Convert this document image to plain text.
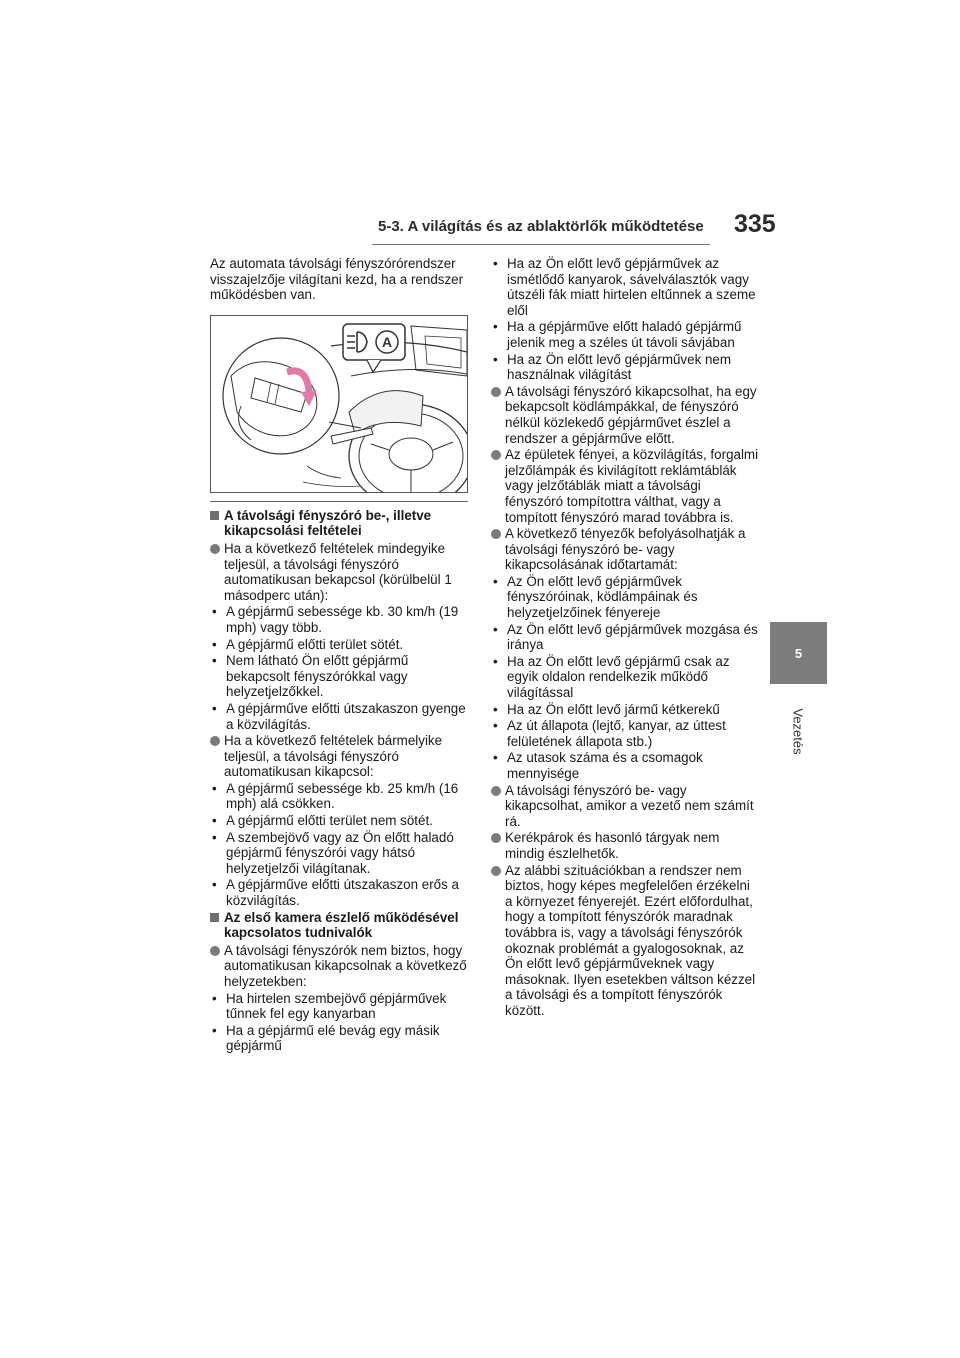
5-3. A világítás és az ablaktörlők működtetése 335
5
Vezetés

Az automata távolsági fényszórórendszer visszajelzője világítani kezd, ha a rendszer működésben van.

A
A távolsági fényszóró be-, illetve kikapcsolási feltételei
Ha a következő feltételek mindegyike teljesül, a távolsági fényszóró automatikusan bekapcsol (körülbelül 1 másodperc után):
• A gépjármű sebessége kb. 30 km/h (19 mph) vagy több.
• A gépjármű előtti terület sötét.
• Nem látható Ön előtt gépjármű bekapcsolt fényszórókkal vagy helyzetjelzőkkel.
• A gépjárműve előtti útszakaszon gyenge a közvilágítás.
Ha a következő feltételek bármelyike teljesül, a távolsági fényszóró automatikusan kikapcsol:
• A gépjármű sebessége kb. 25 km/h (16 mph) alá csökken.
• A gépjármű előtti terület nem sötét.
• A szembejövő vagy az Ön előtt haladó gépjármű fényszórói vagy hátsó helyzetjelzői világítanak.
• A gépjárműve előtti útszakaszon erős a közvilágítás.
Az első kamera észlelő működésével kapcsolatos tudnivalók
A távolsági fényszórók nem biztos, hogy automatikusan kikapcsolnak a következő helyzetekben:
• Ha hirtelen szembejövő gépjárművek tűnnek fel egy kanyarban
• Ha a gépjármű elé bevág egy másik gépjármű
• Ha az Ön előtt levő gépjárművek az ismétlődő kanyarok, sávelválasztók vagy útszéli fák miatt hirtelen eltűnnek a szeme elől
• Ha a gépjárműve előtt haladó gépjármű jelenik meg a széles út távoli sávjában
• Ha az Ön előtt levő gépjárművek nem használnak világítást
A távolsági fényszóró kikapcsolhat, ha egy bekapcsolt ködlámpákkal, de fényszóró nélkül közlekedő gépjárművet észlel a rendszer a gépjárműve előtt.
Az épületek fényei, a közvilágítás, forgalmi jelzőlámpák és kivilágított reklámtáblák vagy jelzőtáblák miatt a távolsági fényszóró tompítottra válthat, vagy a tompított fényszóró marad továbbra is.
A következő tényezők befolyásolhatják a távolsági fényszóró be- vagy kikapcsolásának időtartamát:
• Az Ön előtt levő gépjárművek fényszóróinak, ködlámpáinak és helyzetjelzőinek fényereje
• Az Ön előtt levő gépjárművek mozgása és iránya
• Ha az Ön előtt levő gépjármű csak az egyik oldalon rendelkezik működő világítással
• Ha az Ön előtt levő jármű kétkerekű
• Az út állapota (lejtő, kanyar, az úttest felületének állapota stb.)
• Az utasok száma és a csomagok mennyisége
A távolsági fényszóró be- vagy kikapcsolhat, amikor a vezető nem számít rá.
Kerékpárok és hasonló tárgyak nem mindig észlelhetők.
Az alábbi szituációkban a rendszer nem biztos, hogy képes megfelelően érzékelni a környezet fényerejét. Ezért előfordulhat, hogy a tompított fényszórók maradnak továbbra is, vagy a távolsági fényszórók okoznak problémát a gyalogosoknak, az Ön előtt levő gépjárműveknek vagy másoknak. Ilyen esetekben váltson kézzel a távolsági és a tompított fényszórók között.
